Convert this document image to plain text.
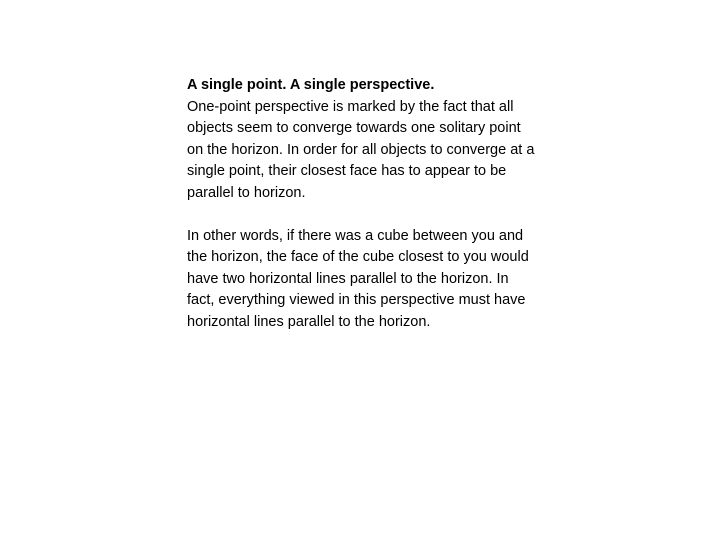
A single point. A single perspective.

One-point perspective is marked by the fact that all objects seem to converge towards one solitary point on the horizon. In order for all objects to converge at a single point, their closest face has to appear to be parallel to horizon.

In other words, if there was a cube between you and the horizon, the face of the cube closest to you would have two horizontal lines parallel to the horizon. In fact, everything viewed in this perspective must have horizontal lines parallel to the horizon.
